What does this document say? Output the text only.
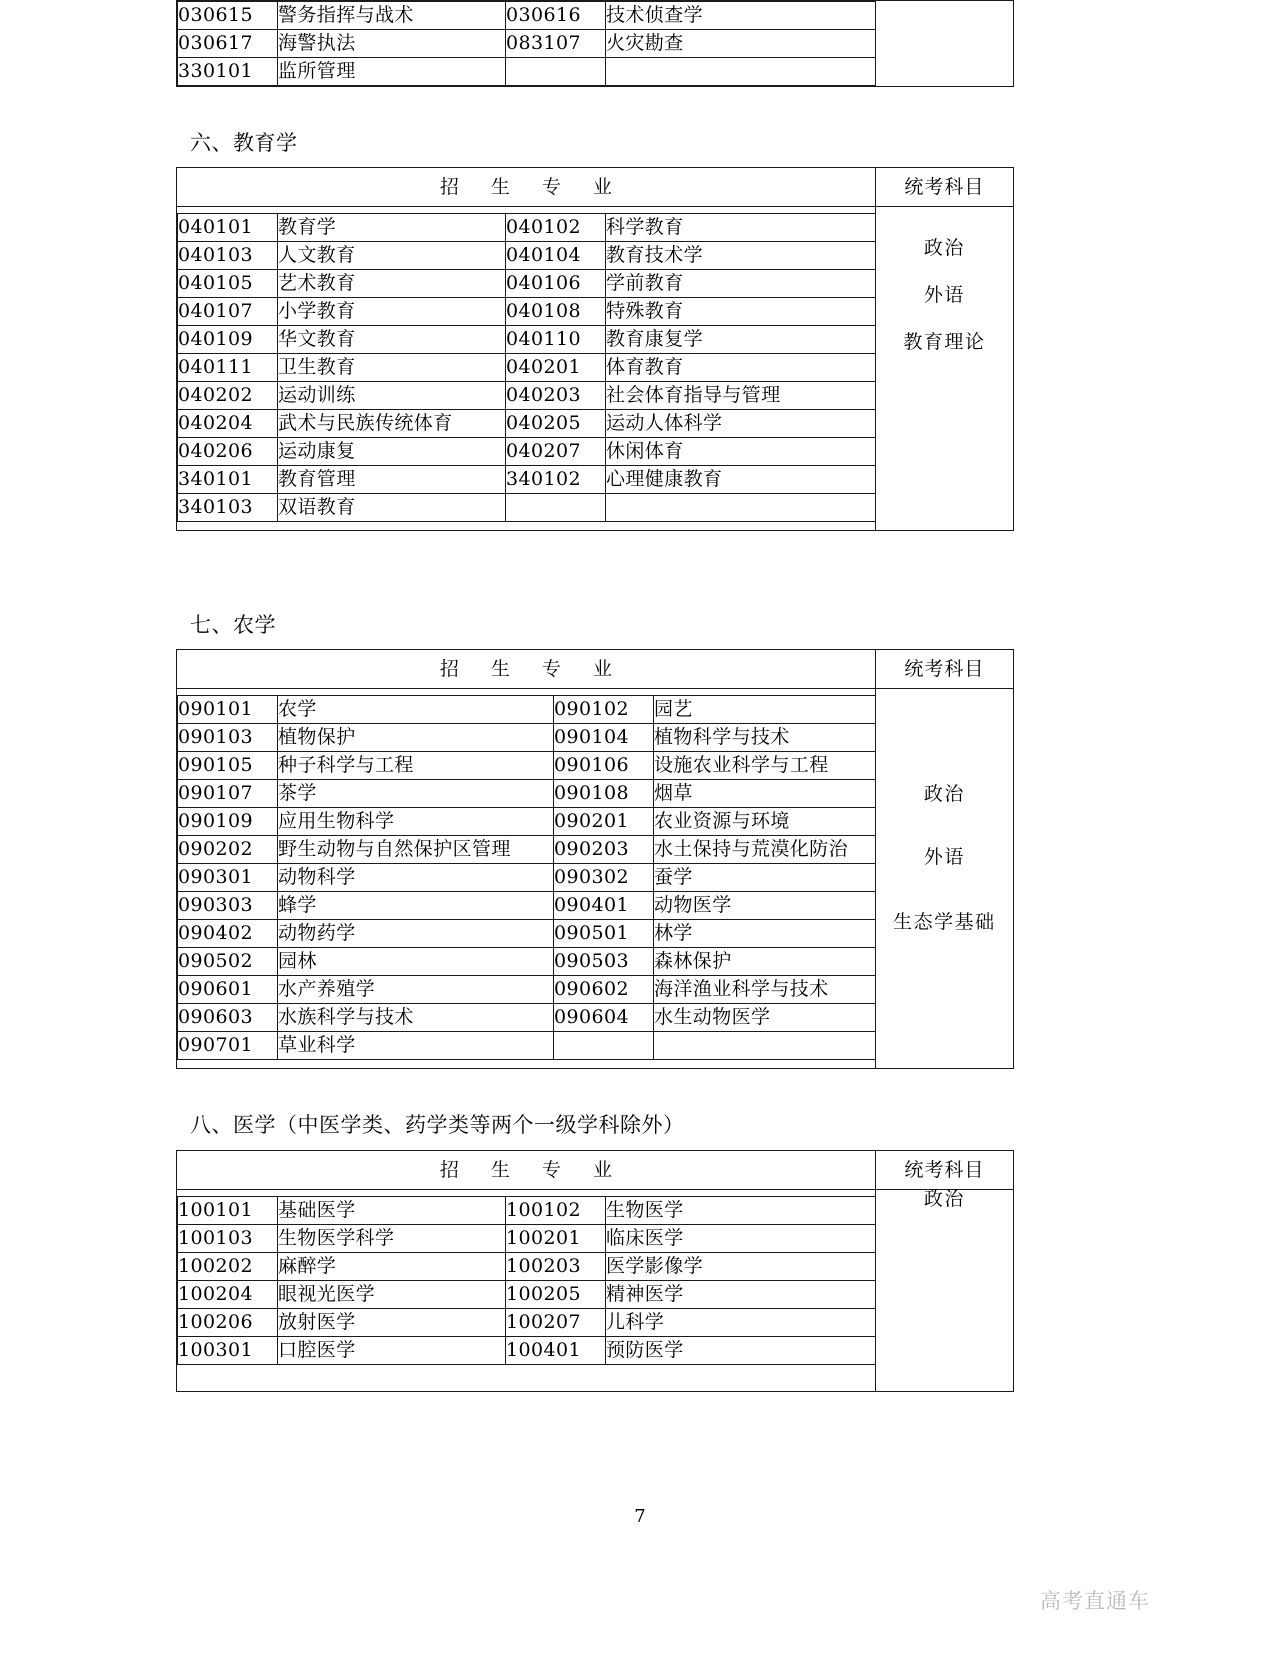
030615	警务指挥与战术	030616	技术侦查学
030617	海警执法	083107	火灾勘查
330101	监所管理		

六、教育学
招 生 专 业	统考科目

040101	教育学	040102	科学教育
040103	人文教育	040104	教育技术学
040105	艺术教育	040106	学前教育
040107	小学教育	040108	特殊教育
040109	华文教育	040110	教育康复学
040111	卫生教育	040201	体育教育
040202	运动训练	040203	社会体育指导与管理
040204	武术与民族传统体育	040205	运动人体科学
040206	运动康复	040207	休闲体育
340101	教育管理	340102	心理健康教育
340103	双语教育		

政治
外语
教育理论
七、农学
招 生 专 业	统考科目

090101	农学	090102	园艺
090103	植物保护	090104	植物科学与技术
090105	种子科学与工程	090106	设施农业科学与工程
090107	茶学	090108	烟草
090109	应用生物科学	090201	农业资源与环境
090202	野生动物与自然保护区管理	090203	水土保持与荒漠化防治
090301	动物科学	090302	蚕学
090303	蜂学	090401	动物医学
090402	动物药学	090501	林学
090502	园林	090503	森林保护
090601	水产养殖学	090602	海洋渔业科学与技术
090603	水族科学与技术	090604	水生动物医学
090701	草业科学		

政治
外语
生态学基础
八、医学（中医学类、药学类等两个一级学科除外）
招 生 专 业	统考科目

100101	基础医学	100102	生物医学
100103	生物医学科学	100201	临床医学
100202	麻醉学	100203	医学影像学
100204	眼视光医学	100205	精神医学
100206	放射医学	100207	儿科学
100301	口腔医学	100401	预防医学

政治
7
高考直通车
